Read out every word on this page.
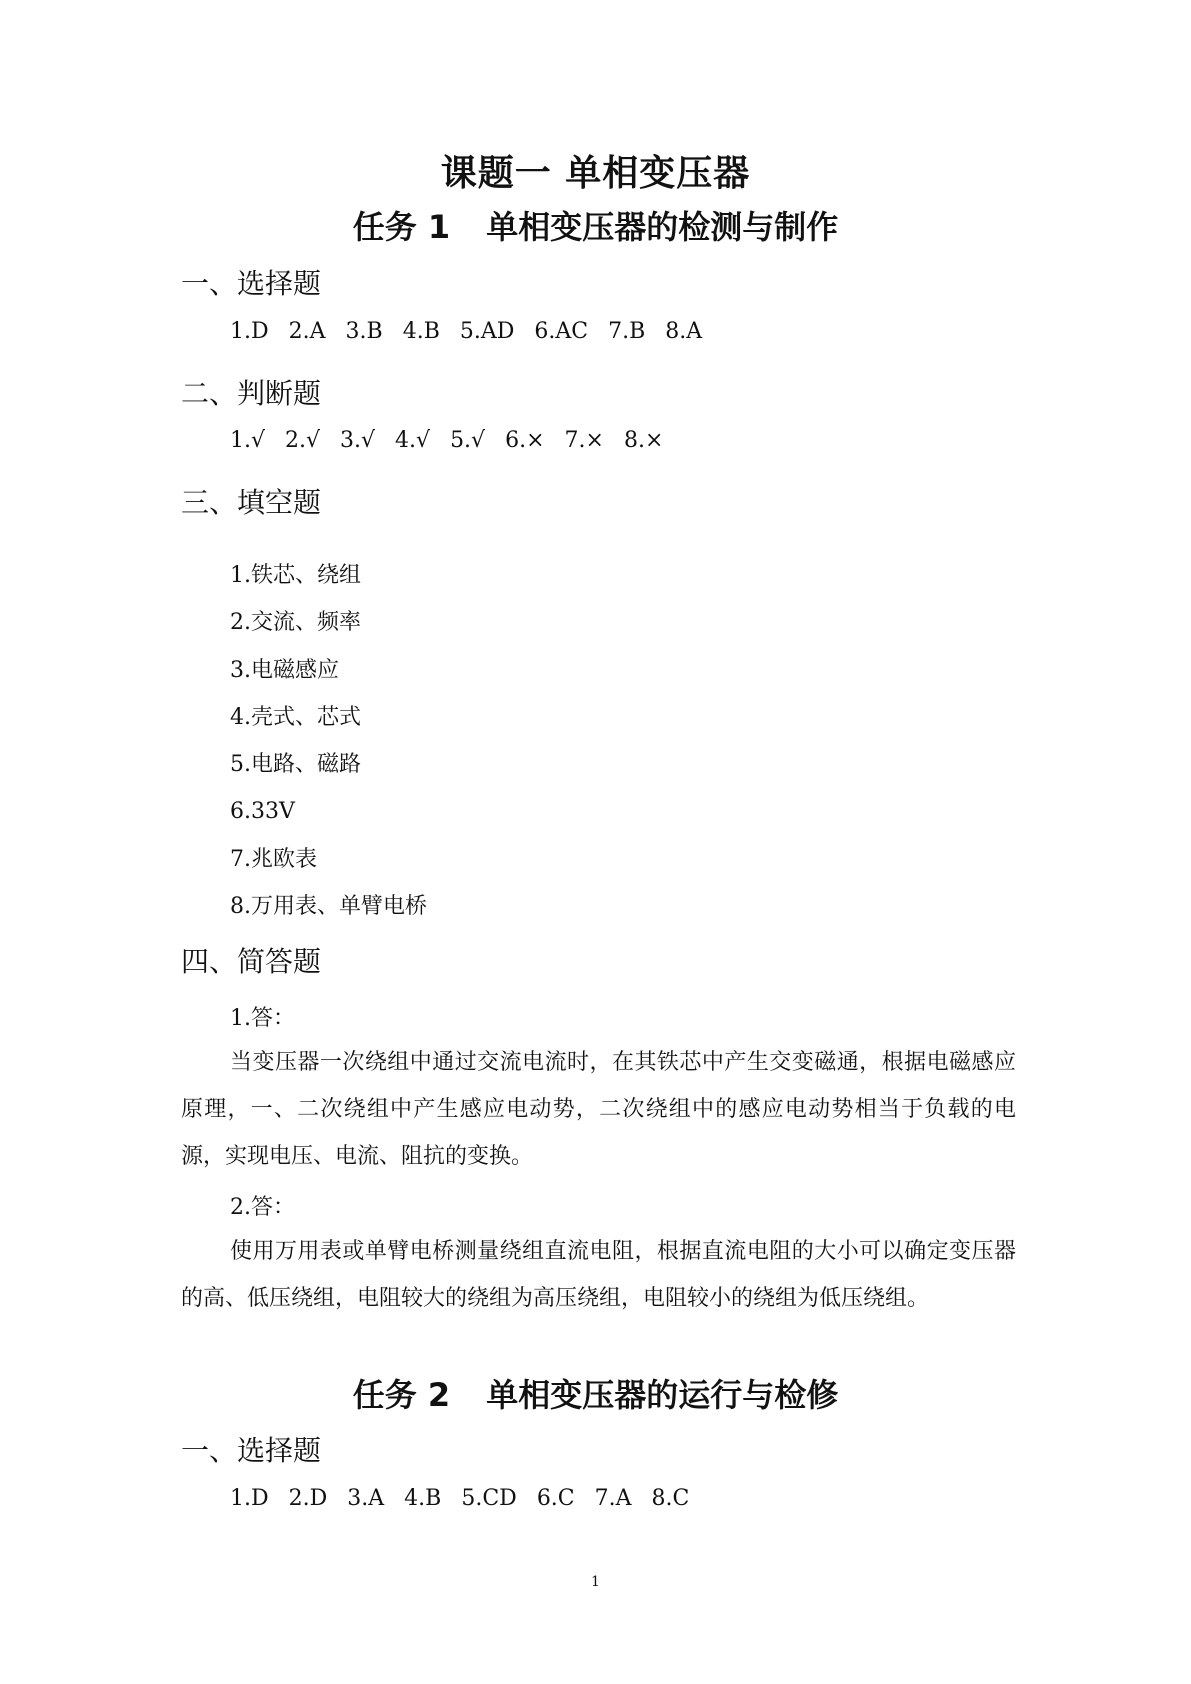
课题一 单相变压器
任务 1 单相变压器的检测与制作
一、选择题
1.D 2.A 3.B 4.B 5.AD 6.AC 7.B 8.A
二、判断题
1.√ 2.√ 3.√ 4.√ 5.√ 6.× 7.× 8.×
三、填空题
1.铁芯、绕组
2.交流、频率
3.电磁感应
4.壳式、芯式
5.电路、磁路
6.33V
7.兆欧表
8.万用表、单臂电桥
四、简答题
1.答：
当变压器一次绕组中通过交流电流时，在其铁芯中产生交变磁通，根据电磁感应原理，一、二次绕组中产生感应电动势，二次绕组中的感应电动势相当于负载的电源，实现电压、电流、阻抗的变换。
2.答：
使用万用表或单臂电桥测量绕组直流电阻，根据直流电阻的大小可以确定变压器的高、低压绕组，电阻较大的绕组为高压绕组，电阻较小的绕组为低压绕组。
任务 2 单相变压器的运行与检修
一、选择题
1.D 2.D 3.A 4.B 5.CD 6.C 7.A 8.C
1
